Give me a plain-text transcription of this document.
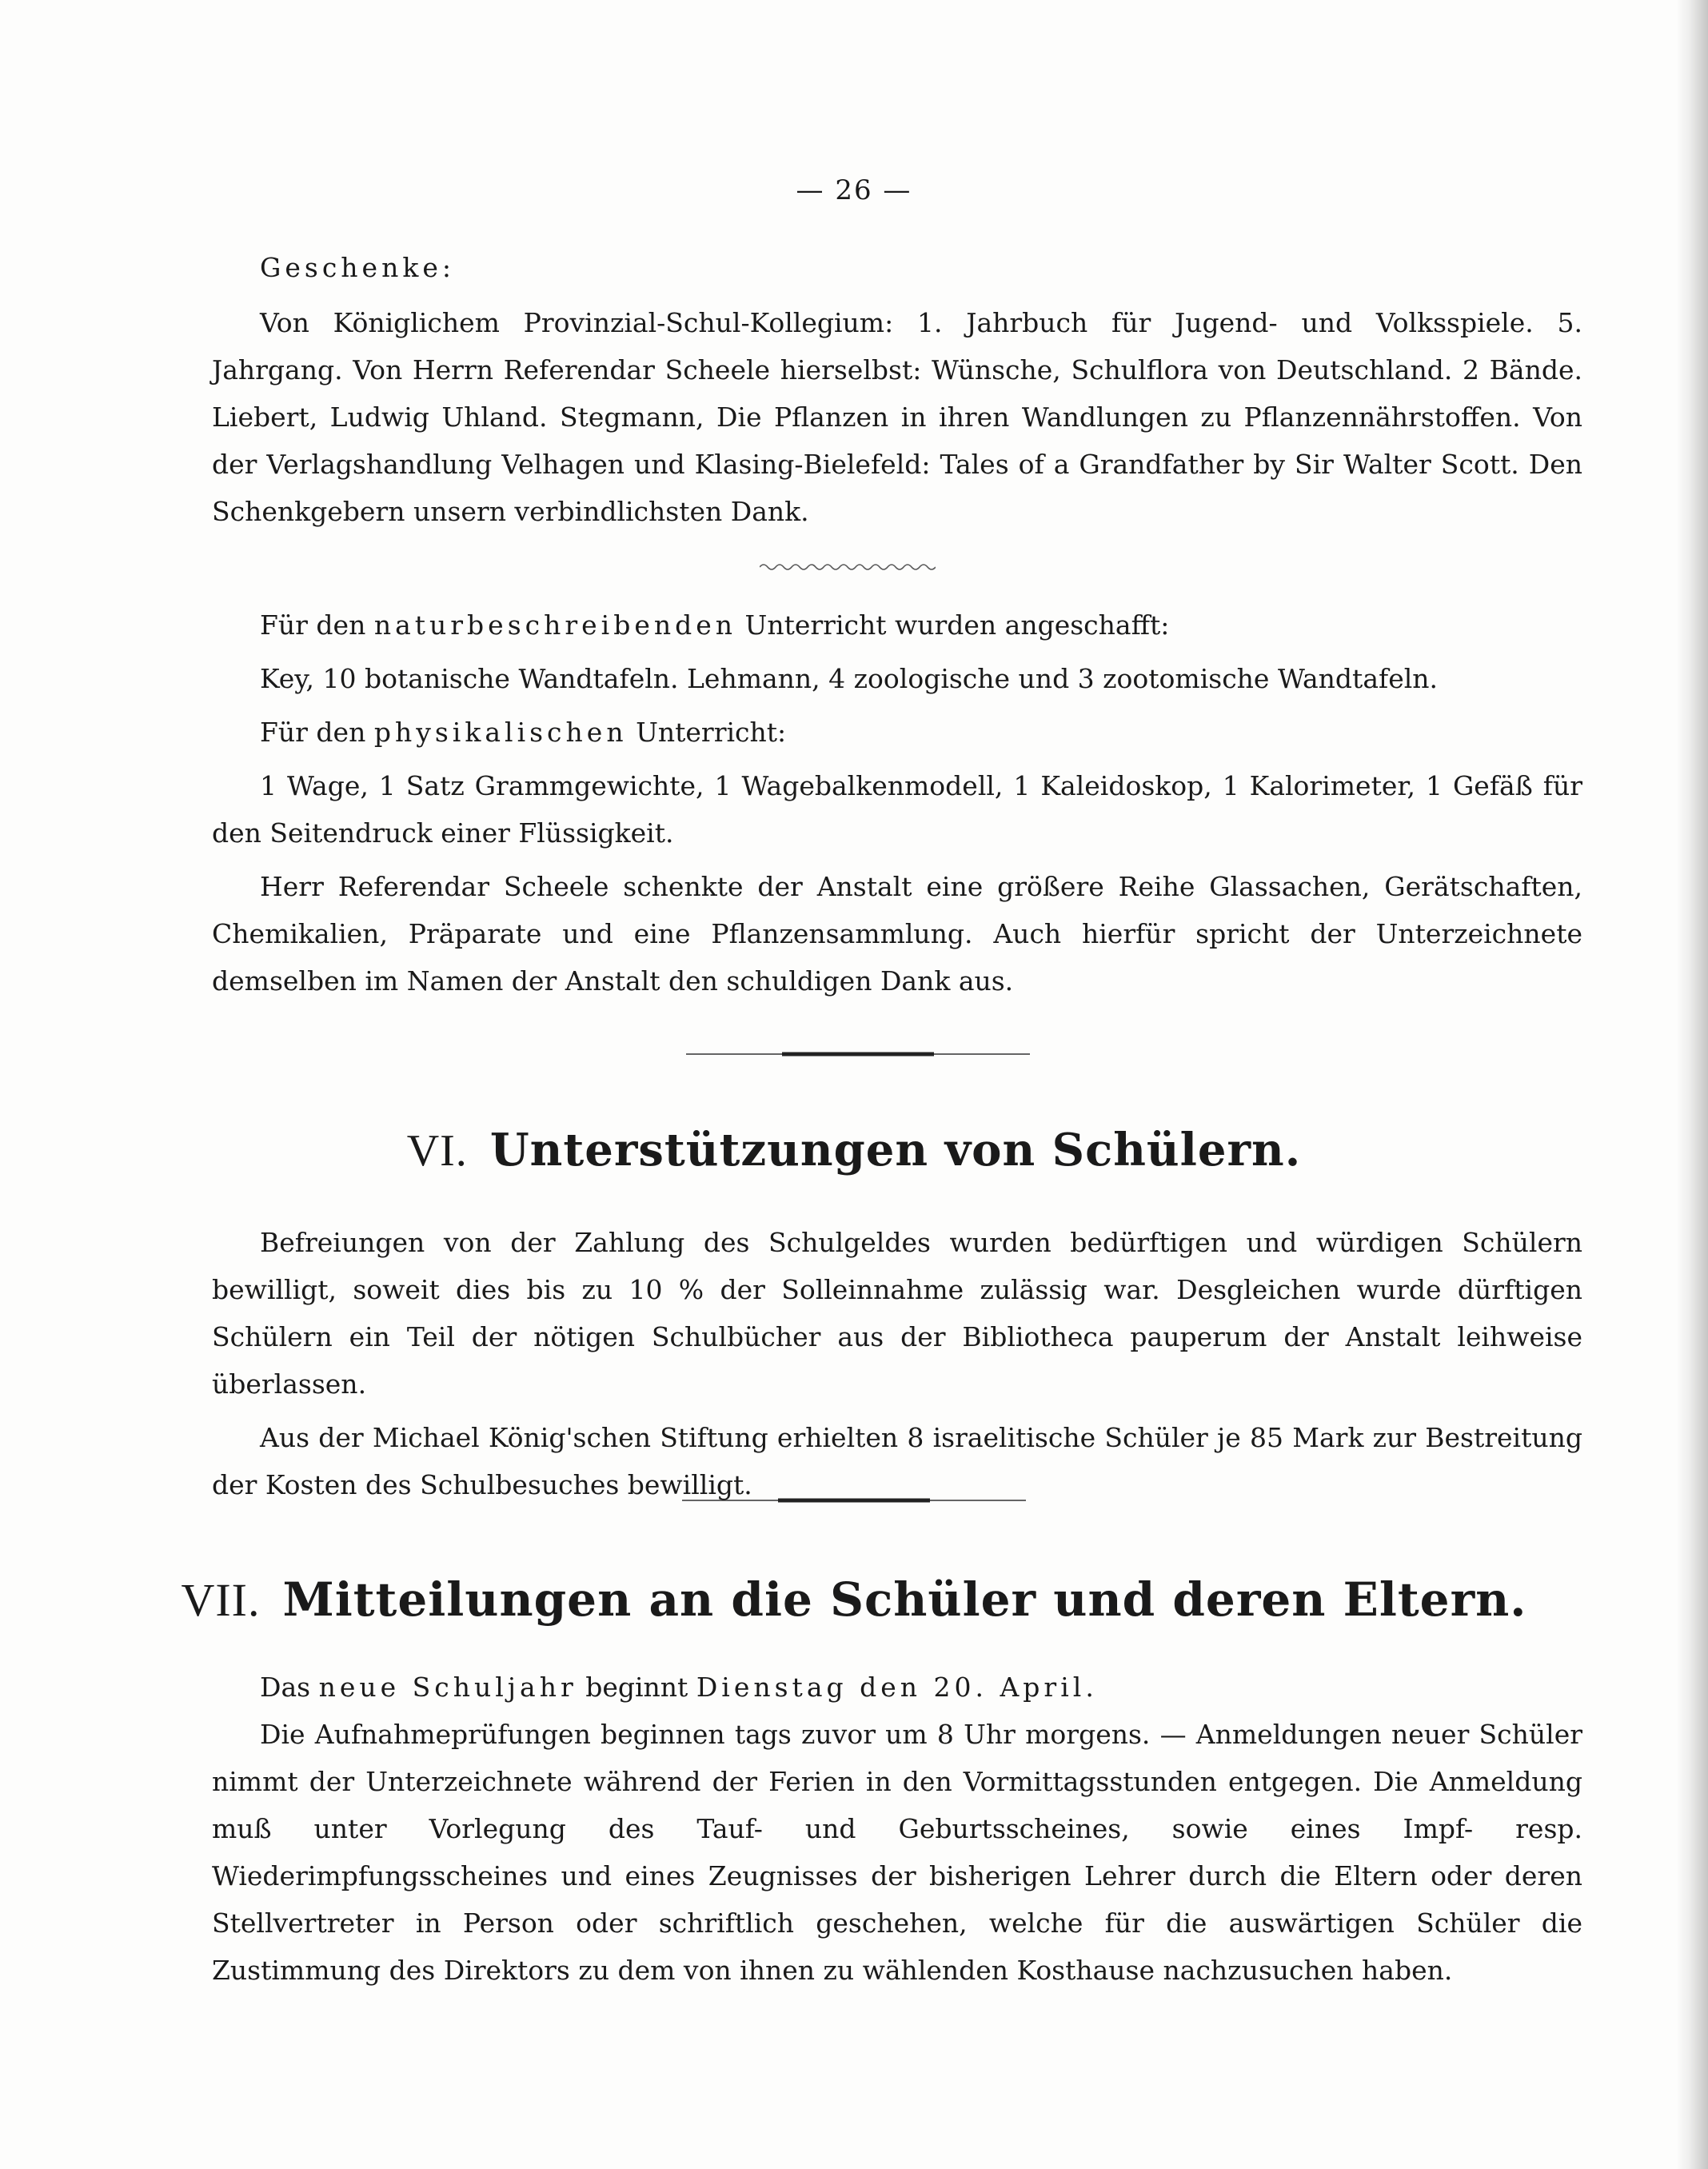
— 26 —

Geschenke:

Von Königlichem Provinzial-Schul-Kollegium: 1. Jahrbuch für Jugend- und Volksspiele. 5. Jahrgang. Von Herrn Referendar Scheele hierselbst: Wünsche, Schulflora von Deutschland. 2 Bände. Liebert, Ludwig Uhland. Stegmann, Die Pflanzen in ihren Wandlungen zu Pflanzennährstoffen. Von der Verlagshandlung Velhagen und Klasing-Bielefeld: Tales of a Grandfather by Sir Walter Scott. Den Schenkgebern unsern verbindlichsten Dank.

Für den naturbeschreibenden Unterricht wurden angeschafft:

Key, 10 botanische Wandtafeln. Lehmann, 4 zoologische und 3 zootomische Wandtafeln.

Für den physikalischen Unterricht:

1 Wage, 1 Satz Grammgewichte, 1 Wagebalkenmodell, 1 Kaleidoskop, 1 Kalorimeter, 1 Gefäß für den Seitendruck einer Flüssigkeit.

Herr Referendar Scheele schenkte der Anstalt eine größere Reihe Glassachen, Gerätschaften, Chemikalien, Präparate und eine Pflanzensammlung. Auch hierfür spricht der Unterzeichnete demselben im Namen der Anstalt den schuldigen Dank aus.

VI. Unterstützungen von Schülern.

Befreiungen von der Zahlung des Schulgeldes wurden bedürftigen und würdigen Schülern bewilligt, soweit dies bis zu 10 % der Solleinnahme zulässig war. Desgleichen wurde dürftigen Schülern ein Teil der nötigen Schulbücher aus der Bibliotheca pauperum der Anstalt leihweise überlassen.

Aus der Michael König'schen Stiftung erhielten 8 israelitische Schüler je 85 Mark zur Bestreitung der Kosten des Schulbesuches bewilligt.

VII. Mitteilungen an die Schüler und deren Eltern.

Das neue Schuljahr beginnt Dienstag den 20. April.

Die Aufnahmeprüfungen beginnen tags zuvor um 8 Uhr morgens. — Anmeldungen neuer Schüler nimmt der Unterzeichnete während der Ferien in den Vormittagsstunden entgegen. Die Anmeldung muß unter Vorlegung des Tauf- und Geburtsscheines, sowie eines Impf- resp. Wiederimpfungsscheines und eines Zeugnisses der bisherigen Lehrer durch die Eltern oder deren Stellvertreter in Person oder schriftlich geschehen, welche für die auswärtigen Schüler die Zustimmung des Direktors zu dem von ihnen zu wählenden Kosthause nachzusuchen haben.
